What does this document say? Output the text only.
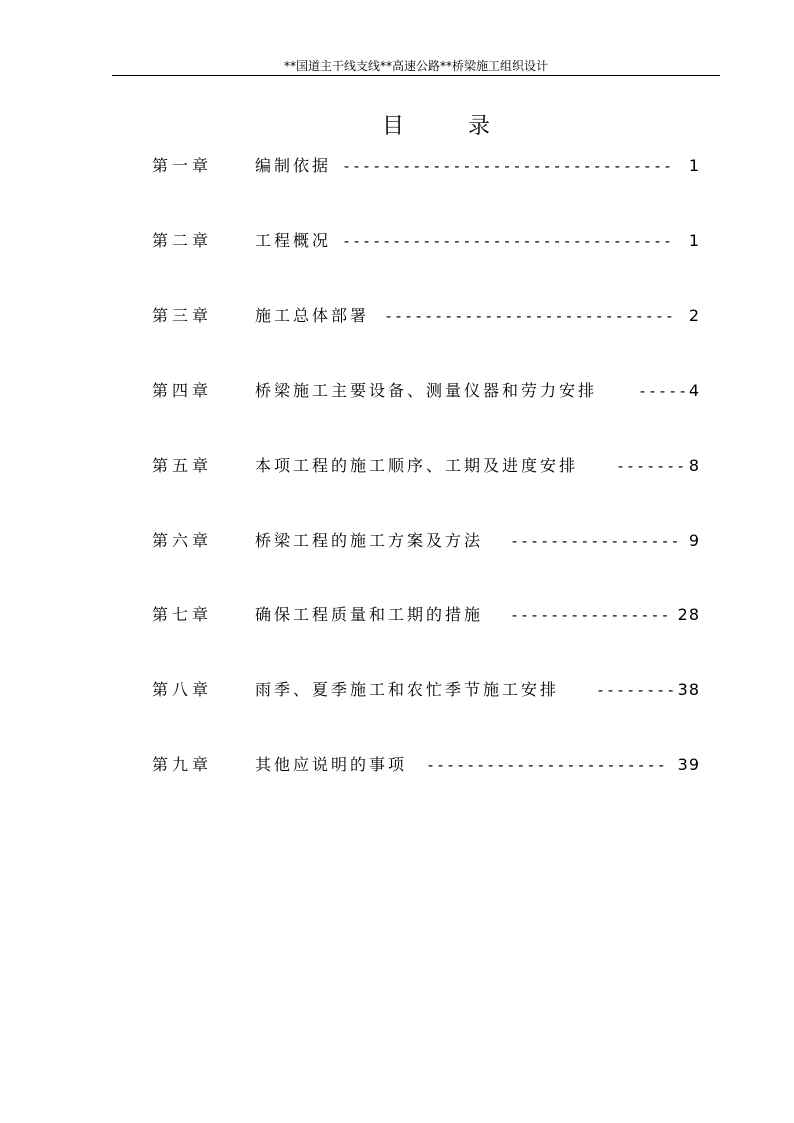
**国道主干线支线**高速公路**桥梁施工组织设计
目	录
第一章	编制依据 --------------------------------- 1
第二章	工程概况 --------------------------------- 1
第三章	施工总体部署 ----------------------------- 2
第四章	桥梁施工主要设备、测量仪器和劳力安排	----- 4
第五章	本项工程的施工顺序、工期及进度安排	------- 8
第六章	桥梁工程的施工方案及方法 ----------------- 9
第七章	确保工程质量和工期的措施 ---------------- 28
第八章	雨季、夏季施工和农忙季节施工安排 -------- 38
第九章	其他应说明的事项 ------------------------ 39
